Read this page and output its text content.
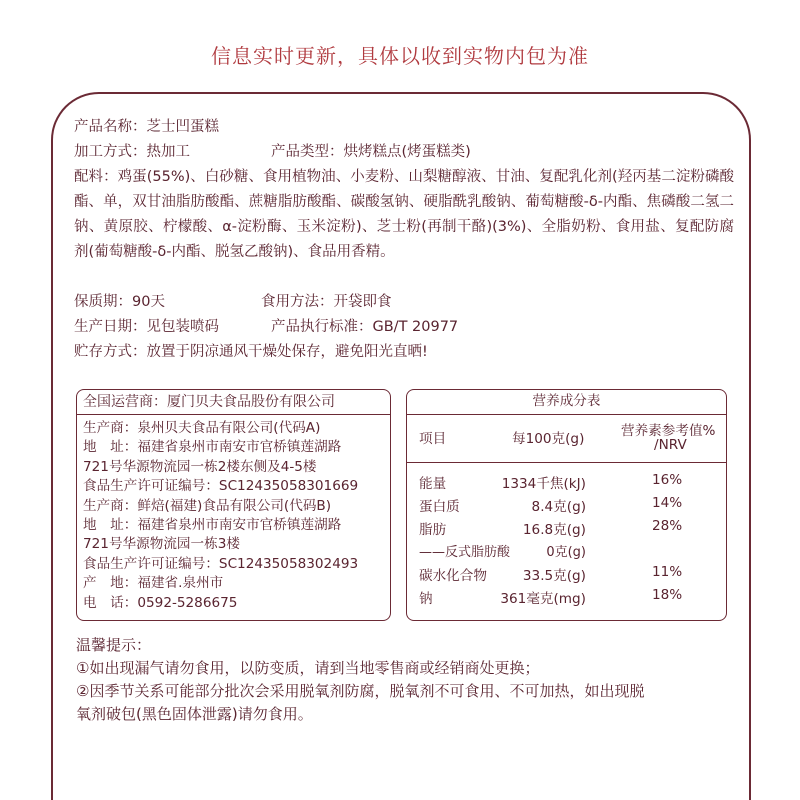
信息实时更新，具体以收到实物内包为准
产品名称：芝士凹蛋糕
加工方式：热加工	产品类型：烘烤糕点(烤蛋糕类)
配料：鸡蛋(55%)、白砂糖、食用植物油、小麦粉、山梨糖醇液、甘油、复配乳化剂(羟丙基二淀粉磷酸酯、单，双甘油脂肪酸酯、蔗糖脂肪酸酯、碳酸氢钠、硬脂酰乳酸钠、葡萄糖酸-δ-内酯、焦磷酸二氢二钠、黄原胶、柠檬酸、α-淀粉酶、玉米淀粉)、芝士粉(再制干酪)(3%)、全脂奶粉、食用盐、复配防腐剂(葡萄糖酸-δ-内酯、脱氢乙酸钠)、食品用香精。
保质期：90天	食用方法：开袋即食
生产日期：见包装喷码	产品执行标准：GB/T 20977
贮存方式：放置于阴凉通风干燥处保存，避免阳光直晒!
全国运营商：厦门贝夫食品股份有限公司
生产商：泉州贝夫食品有限公司(代码A)
地　址：福建省泉州市南安市官桥镇莲湖路
721号华源物流园一栋2楼东侧及4-5楼
食品生产许可证编号：SC12435058301669
生产商：鲜焙(福建)食品有限公司(代码B)
地　址：福建省泉州市南安市官桥镇莲湖路
721号华源物流园一栋3楼
食品生产许可证编号：SC12435058302493
产　地：福建省.泉州市
电　话：0592-5286675
营养成分表
项目	每100克(g)	营养素参考值%
/NRV
能量	1334千焦(kJ)	16%
蛋白质	8.4克(g)	14%
脂肪	16.8克(g)	28%
——反式脂肪酸	0克(g)
碳水化合物	33.5克(g)	11%
钠	361毫克(mg)	18%
温馨提示：
①如出现漏气请勿食用，以防变质，请到当地零售商或经销商处更换；
②因季节关系可能部分批次会采用脱氧剂防腐，脱氧剂不可食用、不可加热，如出现脱
氧剂破包(黑色固体泄露)请勿食用。
